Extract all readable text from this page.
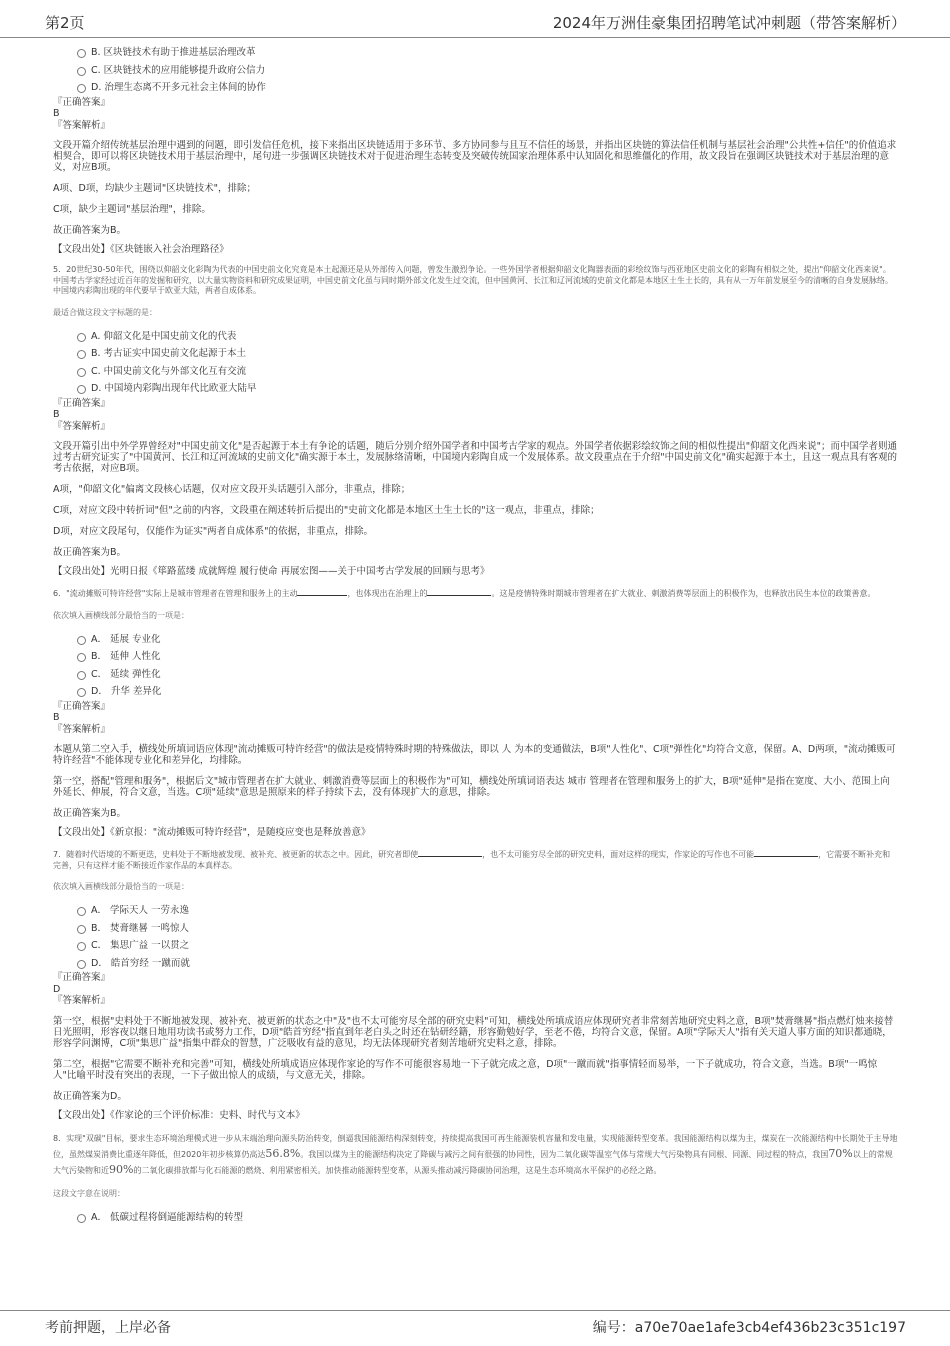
第2页	2024年万洲佳豪集团招聘笔试冲刺题（带答案解析）

B. 区块链技术有助于推进基层治理改革

C. 区块链技术的应用能够提升政府公信力

D. 治理生态离不开多元社会主体间的协作

『正确答案』

B

『答案解析』

文段开篇介绍传统基层治理中遇到的问题，即引发信任危机，接下来指出区块链适用于多环节、多方协同参与且互不信任的场景，并指出区块链的算法信任机制与基层社会治理"公共性+信任"的价值追求相契合，即可以将区块链技术用于基层治理中，尾句进一步强调区块链技术对于促进治理生态转变及突破传统国家治理体系中认知固化和思维僵化的作用，故文段旨在强调区块链技术对于基层治理的意义，对应B项。

A项、D项，均缺少主题词"区块链技术"，排除；

C项，缺少主题词"基层治理"，排除。

故正确答案为B。

【文段出处】《区块链嵌入社会治理路径》

5．20世纪30-50年代，围绕以仰韶文化彩陶为代表的中国史前文化究竟是本土起源还是从外部传入问题，曾发生激烈争论。一些外国学者根据仰韶文化陶器表面的彩绘纹饰与西亚地区史前文化的彩陶有相似之处，提出"仰韶文化西来说"。中国考古学家经过近百年的发掘和研究，以大量实物资料和研究成果证明，中国史前文化虽与同时期外部文化发生过交流，但中国黄河、长江和辽河流域的史前文化都是本地区土生土长的，具有从一万年前发展至今的清晰的自身发展脉络。中国境内彩陶出现的年代要早于欧亚大陆，两者自成体系。

最适合做这段文字标题的是：

A. 仰韶文化是中国史前文化的代表

B. 考古证实中国史前文化起源于本土

C. 中国史前文化与外部文化互有交流

D. 中国境内彩陶出现年代比欧亚大陆早

『正确答案』

B

『答案解析』

文段开篇引出中外学界曾经对"中国史前文化"是否起源于本土有争论的话题，随后分别介绍外国学者和中国考古学家的观点。外国学者依据彩绘纹饰之间的相似性提出"仰韶文化西来说"；而中国学者则通过考古研究证实了"中国黄河、长江和辽河流域的史前文化"确实源于本土，发展脉络清晰，中国境内彩陶自成一个发展体系。故文段重点在于介绍"中国史前文化"确实起源于本土，且这一观点具有客观的考古依据，对应B项。

A项，"仰韶文化"偏离文段核心话题，仅对应文段开头话题引入部分，非重点，排除；

C项，对应文段中转折词"但"之前的内容，文段重在阐述转折后提出的"史前文化都是本地区土生土长的"这一观点，非重点，排除；

D项，对应文段尾句，仅能作为证实"两者自成体系"的依据，非重点，排除。

故正确答案为B。

【文段出处】光明日报《筚路蓝缕 成就辉煌 履行使命 再展宏图——关于中国考古学发展的回顾与思考》

6．"流动摊贩可特许经营"实际上是城市管理者在管理和服务上的主动	，也体现出在治理上的	。这是疫情特殊时期城市管理者在扩大就业、刺激消费等层面上的积极作为，也释放出民生本位的政策善意。

依次填入画横线部分最恰当的一项是：

A． 延展 专业化

B． 延伸 人性化

C． 延续 弹性化

D． 升华 差异化

『正确答案』

B

『答案解析』

本题从第二空入手，横线处所填词语应体现"流动摊贩可特许经营"的做法是疫情特殊时期的特殊做法，即以 人 为本的变通做法，B项"人性化"、C项"弹性化"均符合文意，保留。A、D两项，"流动摊贩可特许经营"不能体现专业化和差异化，均排除。

第一空，搭配"管理和服务"，根据后文"城市管理者在扩大就业、刺激消费等层面上的积极作为"可知，横线处所填词语表达 城市 管理者在管理和服务上的扩大，B项"延伸"是指在宽度、大小、范围上向外延长、伸展，符合文意，当选。C项"延续"意思是照原来的样子持续下去，没有体现扩大的意思，排除。

故正确答案为B。

【文段出处】《新京报："流动摊贩可特许经营"，是随疫应变也是释放善意》

7．随着时代语境的不断更迭，史料处于不断地被发现、被补充、被更新的状态之中。因此，研究者即使	，也不太可能穷尽全部的研究史料，面对这样的现实，作家论的写作也不可能	，它需要不断补充和完善，只有这样才能不断接近作家作品的本真样态。

依次填入画横线部分最恰当的一项是：

A． 学际天人 一劳永逸

B． 焚膏继晷 一鸣惊人

C． 集思广益 一以贯之

D． 皓首穷经 一蹴而就

『正确答案』

D

『答案解析』

第一空，根据"史料处于不断地被发现、被补充、被更新的状态之中"及"也不太可能穷尽全部的研究史料"可知，横线处所填成语应体现研究者非常刻苦地研究史料之意，B项"焚膏继晷"指点燃灯烛来接替日光照明，形容夜以继日地用功读书或努力工作，D项"皓首穷经"指直到年老白头之时还在钻研经籍，形容勤勉好学，至老不倦，均符合文意，保留。A项"学际天人"指有关天道人事方面的知识都通晓，形容学问渊博，C项"集思广益"指集中群众的智慧，广泛吸收有益的意见，均无法体现研究者刻苦地研究史料之意，排除。

第二空，根据"它需要不断补充和完善"可知，横线处所填成语应体现作家论的写作不可能很容易地一下子就完成之意，D项"一蹴而就"指事情轻而易举，一下子就成功，符合文意，当选。B项"一鸣惊人"比喻平时没有突出的表现，一下子做出惊人的成绩，与文意无关，排除。

故正确答案为D。

【文段出处】《作家论的三个评价标准：史料、时代与文本》

8．实现"双碳"目标，要求生态环境治理模式进一步从末端治理向源头防治转变，倒逼我国能源结构深刻转变，持续提高我国可再生能源装机容量和发电量，实现能源转型变革。我国能源结构以煤为主，煤炭在一次能源结构中长期处于主导地位，虽然煤炭消费比重逐年降低，但2020年初步核算仍高达56.8%。我国以煤为主的能源结构决定了降碳与减污之间有很强的协同性，因为二氧化碳等温室气体与常规大气污染物具有同根、同源、同过程的特点，我国70%以上的常规大气污染物和近90%的二氧化碳排放都与化石能源的燃烧、利用紧密相关。加快推动能源转型变革，从源头推动减污降碳协同治理，这是生态环境高水平保护的必经之路。

这段文字意在说明：

A． 低碳过程将倒逼能源结构的转型

考前押题，上岸必备	编号：a70e70ae1afe3cb4ef436b23c351c197
